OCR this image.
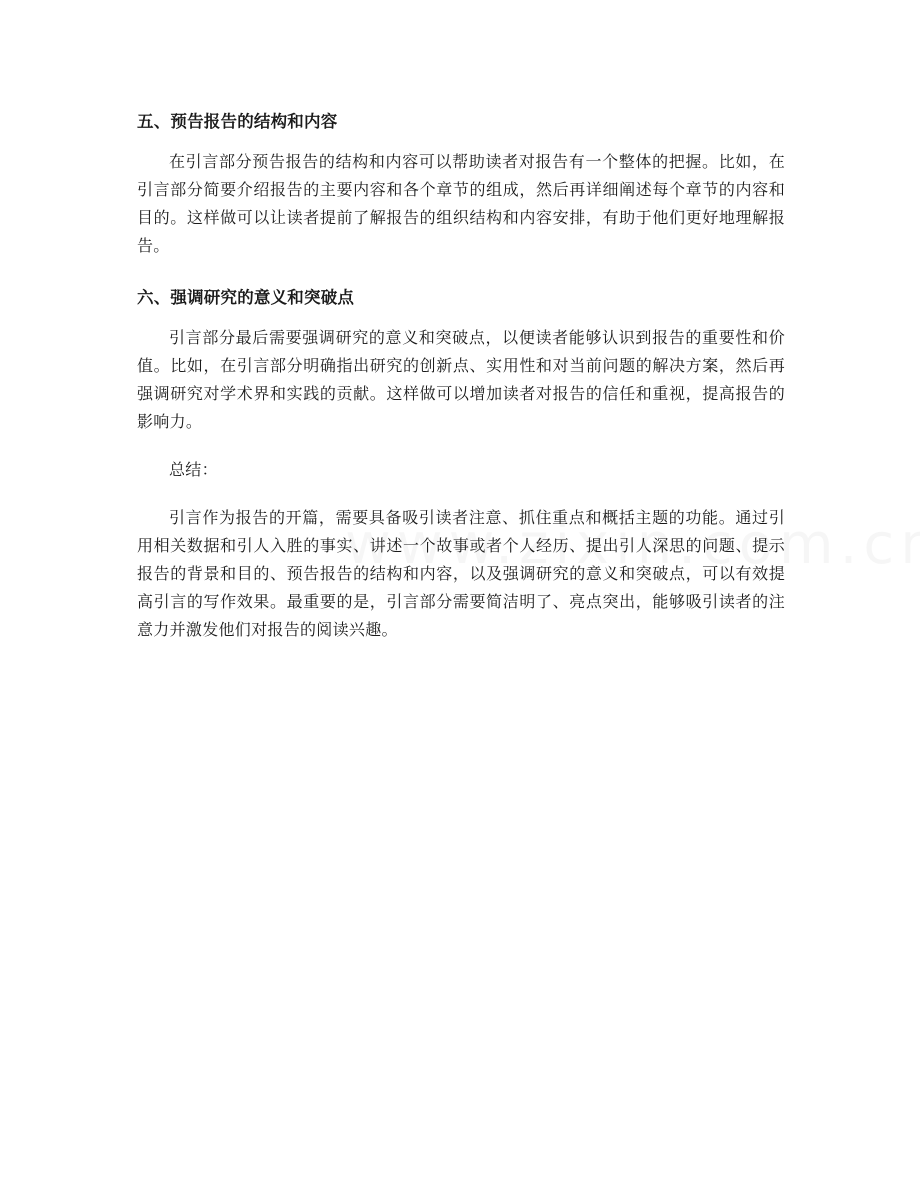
五、预告报告的结构和内容

在引言部分预告报告的结构和内容可以帮助读者对报告有一个整体的把握。比如，在引言部分简要介绍报告的主要内容和各个章节的组成，然后再详细阐述每个章节的内容和目的。这样做可以让读者提前了解报告的组织结构和内容安排，有助于他们更好地理解报告。

六、强调研究的意义和突破点

引言部分最后需要强调研究的意义和突破点，以便读者能够认识到报告的重要性和价值。比如，在引言部分明确指出研究的创新点、实用性和对当前问题的解决方案，然后再强调研究对学术界和实践的贡献。这样做可以增加读者对报告的信任和重视，提高报告的影响力。

总结：

引言作为报告的开篇，需要具备吸引读者注意、抓住重点和概括主题的功能。通过引用相关数据和引人入胜的事实、讲述一个故事或者个人经历、提出引人深思的问题、提示报告的背景和目的、预告报告的结构和内容，以及强调研究的意义和突破点，可以有效提高引言的写作效果。最重要的是，引言部分需要简洁明了、亮点突出，能够吸引读者的注意力并激发他们对报告的阅读兴趣。
